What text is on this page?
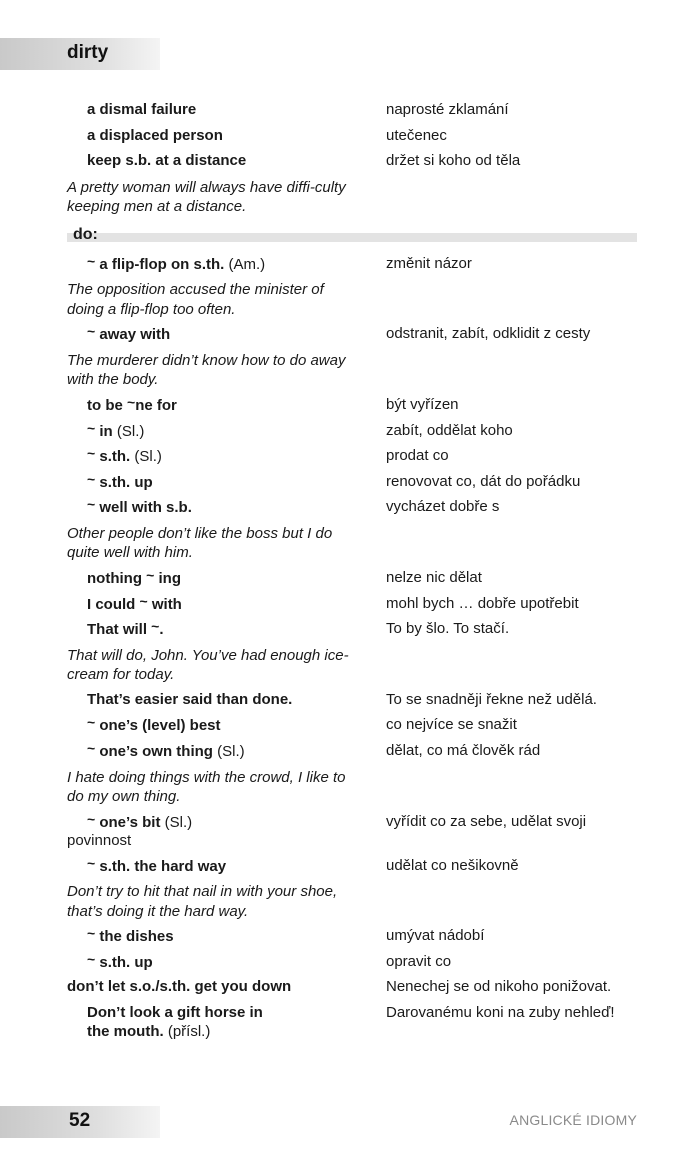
dirty
a dismal failure	naprosté zklamání
a displaced person	utečenec
keep s.b. at a distance	držet si koho od těla
A pretty woman will always have diffi-culty keeping men at a distance.
do:
~ a flip-flop on s.th. (Am.)	změnit názor
The opposition accused the minister of doing a flip-flop too often.
~ away with	odstranit, zabít, odklidit z cesty
The murderer didn’t know how to do away with the body.
to be ~ne for	být vyřízen
~ in (Sl.)	zabít, oddělat koho
~ s.th. (Sl.)	prodat co
~ s.th. up	renovovat co, dát do pořádku
~ well with s.b.	vycházet dobře s
Other people don’t like the boss but I do quite well with him.
nothing ~ ing	nelze nic dělat
I could ~ with	mohl bych … dobře upotřebit
That will ~.	To by šlo. To stačí.
That will do, John. You’ve had enough ice-cream for today.
That’s easier said than done.	To se snadněji řekne než udělá.
~ one’s (level) best	co nejvíce se snažit
~ one’s own thing (Sl.)	dělat, co má člověk rád
I hate doing things with the crowd, I like to do my own thing.
~ one’s bit (Sl.)	vyřídit co za sebe, udělat svoji
povinnost
~ s.th. the hard way	udělat co nešikovně
Don’t try to hit that nail in with your shoe, that’s doing it the hard way.
~ the dishes	umývat nádobí
~ s.th. up	opravit co
don’t let s.o./s.th. get you down	Nenechej se od nikoho ponižovat.
Don’t look a gift horse in	Darovanému koni na zuby nehleď!
the mouth. (přísl.)
52	ANGLICKÉ IDIOMY
